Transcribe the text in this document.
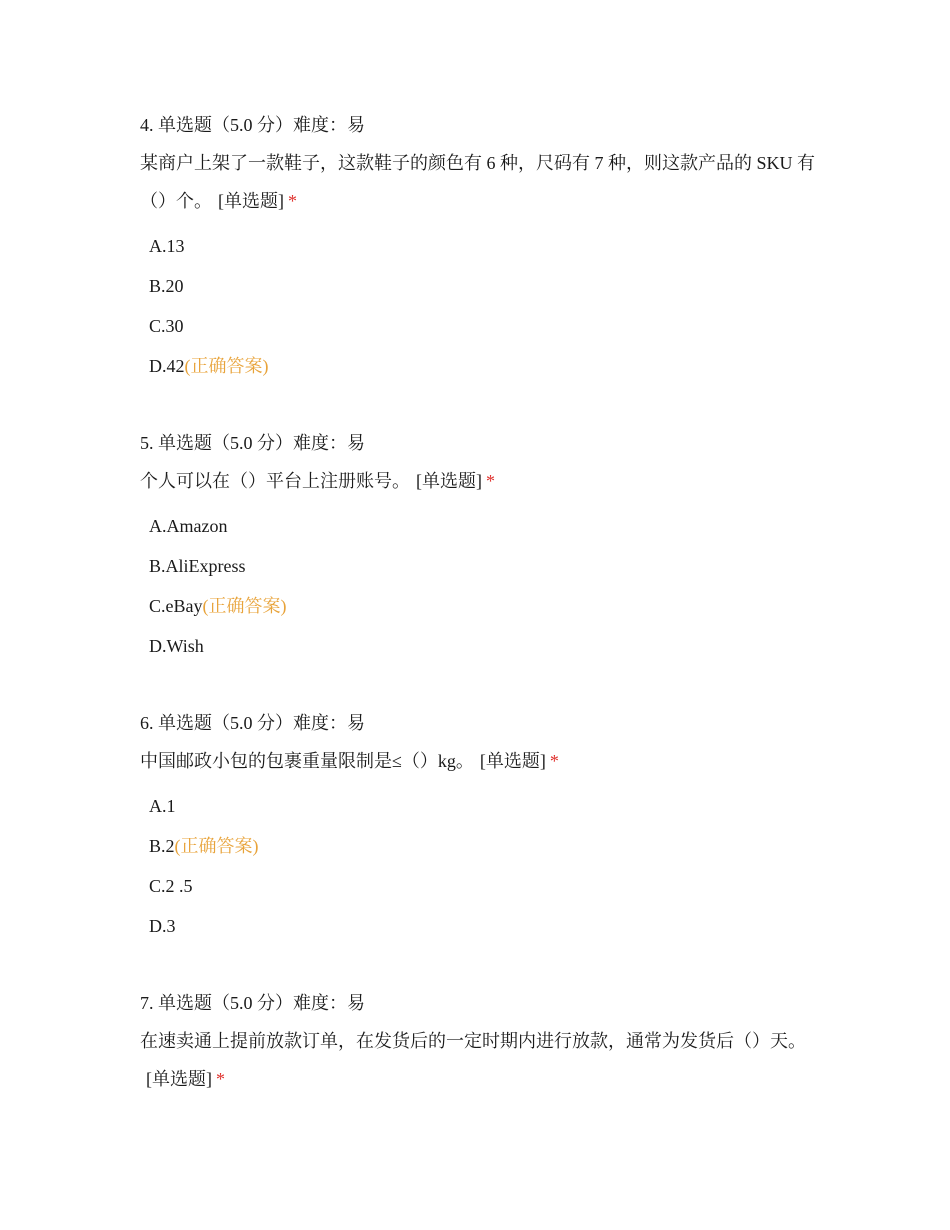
4. 单选题（5.0 分）难度：易
某商户上架了一款鞋子，这款鞋子的颜色有 6 种，尺码有 7 种，则这款产品的 SKU 有（）个。 [单选题] *
A.13
B.20
C.30
D.42(正确答案)
5. 单选题（5.0 分）难度：易
个人可以在（）平台上注册账号。 [单选题] *
A.Amazon
B.AliExpress
C.eBay(正确答案)
D.Wish
6. 单选题（5.0 分）难度：易
中国邮政小包的包裹重量限制是≤（）kg。 [单选题] *
A.1
B.2(正确答案)
C.2 .5
D.3
7. 单选题（5.0 分）难度：易
在速卖通上提前放款订单，在发货后的一定时期内进行放款，通常为发货后（）天。[单选题] *
